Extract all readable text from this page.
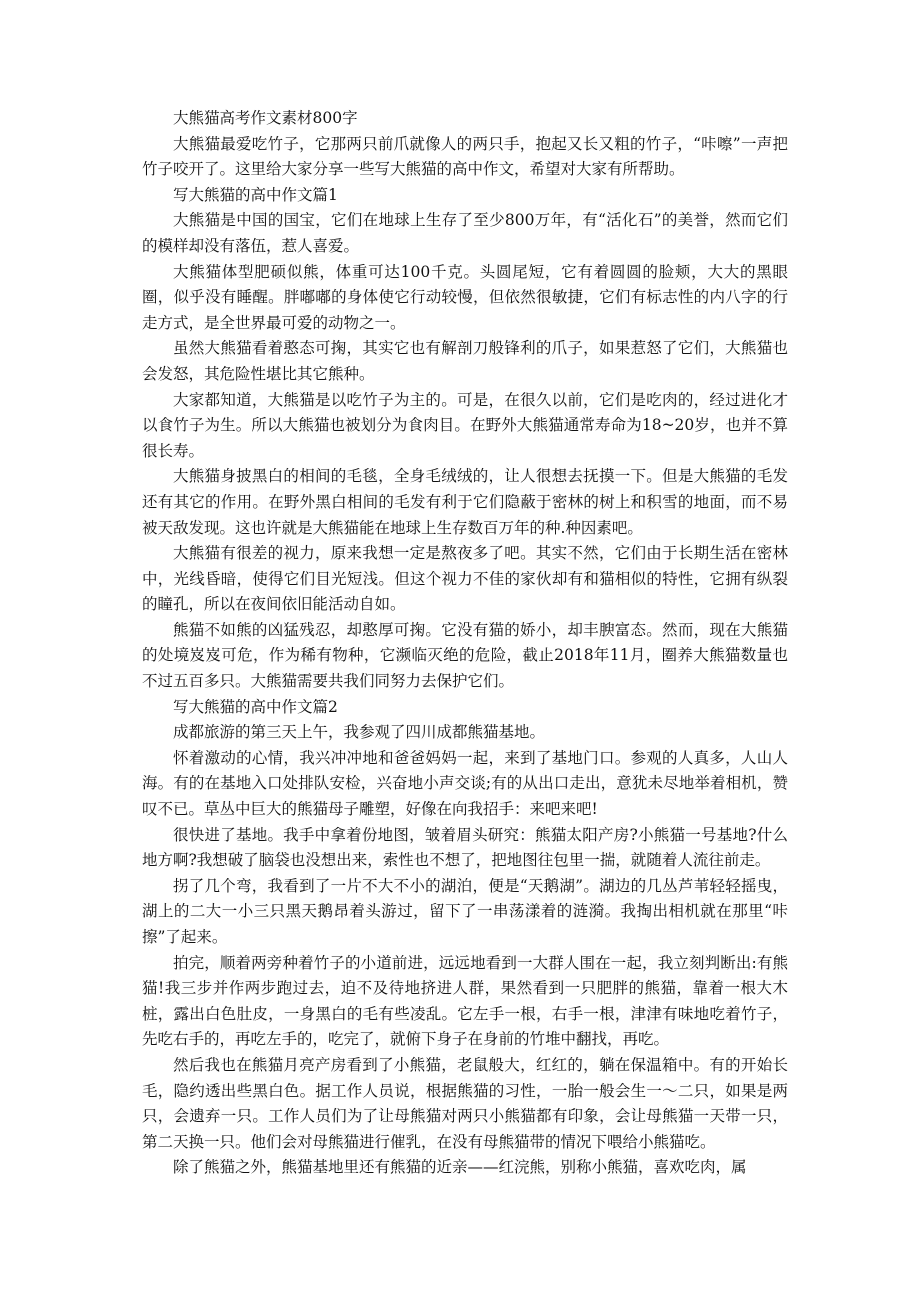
大熊猫高考作文素材800字

大熊猫最爱吃竹子，它那两只前爪就像人的两只手，抱起又长又粗的竹子，“咔嚓”一声把竹子咬开了。这里给大家分享一些写大熊猫的高中作文，希望对大家有所帮助。

写大熊猫的高中作文篇1

大熊猫是中国的国宝，它们在地球上生存了至少800万年，有“活化石”的美誉，然而它们的模样却没有落伍，惹人喜爱。

大熊猫体型肥硕似熊，体重可达100千克。头圆尾短，它有着圆圆的脸颊，大大的黑眼圈，似乎没有睡醒。胖嘟嘟的身体使它行动较慢，但依然很敏捷，它们有标志性的内八字的行走方式，是全世界最可爱的动物之一。

虽然大熊猫看着憨态可掬，其实它也有解剖刀般锋利的爪子，如果惹怒了它们，大熊猫也会发怒，其危险性堪比其它熊种。

大家都知道，大熊猫是以吃竹子为主的。可是，在很久以前，它们是吃肉的，经过进化才以食竹子为生。所以大熊猫也被划分为食肉目。在野外大熊猫通常寿命为18~20岁，也并不算很长寿。

大熊猫身披黑白的相间的毛毯，全身毛绒绒的，让人很想去抚摸一下。但是大熊猫的毛发还有其它的作用。在野外黑白相间的毛发有利于它们隐蔽于密林的树上和积雪的地面，而不易被天敌发现。这也许就是大熊猫能在地球上生存数百万年的种.种因素吧。

大熊猫有很差的视力，原来我想一定是熬夜多了吧。其实不然，它们由于长期生活在密林中，光线昏暗，使得它们目光短浅。但这个视力不佳的家伙却有和猫相似的特性，它拥有纵裂的瞳孔，所以在夜间依旧能活动自如。

熊猫不如熊的凶猛残忍，却憨厚可掬。它没有猫的娇小，却丰腴富态。然而，现在大熊猫的处境岌岌可危，作为稀有物种，它濒临灭绝的危险，截止2018年11月，圈养大熊猫数量也不过五百多只。大熊猫需要共我们同努力去保护它们。

写大熊猫的高中作文篇2

成都旅游的第三天上午，我参观了四川成都熊猫基地。

怀着激动的心情，我兴冲冲地和爸爸妈妈一起，来到了基地门口。参观的人真多，人山人海。有的在基地入口处排队安检，兴奋地小声交谈;有的从出口走出，意犹未尽地举着相机，赞叹不已。草丛中巨大的熊猫母子雕塑，好像在向我招手：来吧来吧!

很快进了基地。我手中拿着份地图，皱着眉头研究：熊猫太阳产房?小熊猫一号基地?什么地方啊?我想破了脑袋也没想出来，索性也不想了，把地图往包里一揣，就随着人流往前走。

拐了几个弯，我看到了一片不大不小的湖泊，便是“天鹅湖”。湖边的几丛芦苇轻轻摇曳，湖上的二大一小三只黑天鹅昂着头游过，留下了一串荡漾着的涟漪。我掏出相机就在那里“咔擦”了起来。

拍完，顺着两旁种着竹子的小道前进，远远地看到一大群人围在一起，我立刻判断出:有熊猫!我三步并作两步跑过去，迫不及待地挤进人群，果然看到一只肥胖的熊猫，靠着一根大木桩，露出白色肚皮，一身黑白的毛有些凌乱。它左手一根，右手一根，津津有味地吃着竹子，先吃右手的，再吃左手的，吃完了，就俯下身子在身前的竹堆中翻找，再吃。

然后我也在熊猫月亮产房看到了小熊猫，老鼠般大，红红的，躺在保温箱中。有的开始长毛，隐约透出些黑白色。据工作人员说，根据熊猫的习性，一胎一般会生一～二只，如果是两只，会遗弃一只。工作人员们为了让母熊猫对两只小熊猫都有印象，会让母熊猫一天带一只，第二天换一只。他们会对母熊猫进行催乳，在没有母熊猫带的情况下喂给小熊猫吃。

除了熊猫之外，熊猫基地里还有熊猫的近亲——红浣熊，别称小熊猫，喜欢吃肉，属
